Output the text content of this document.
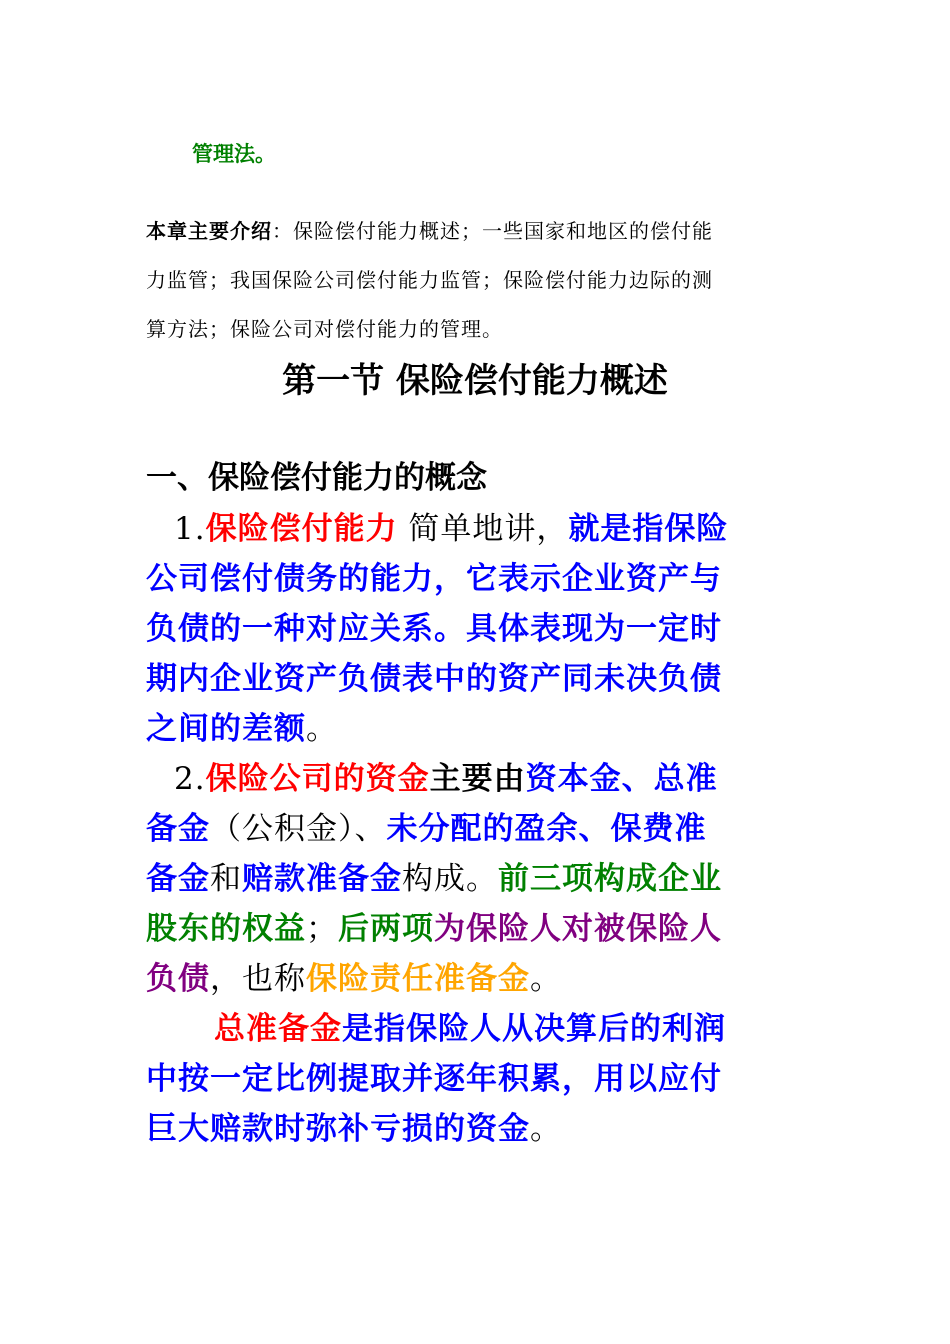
管理法。
本章主要介绍：保险偿付能力概述；一些国家和地区的偿付能
力监管；我国保险公司偿付能力监管；保险偿付能力边际的测
算方法；保险公司对偿付能力的管理。
第一节 保险偿付能力概述
一、保险偿付能力的概念
1.保险偿付能力 简单地讲，就是指保险
公司偿付债务的能力，它表示企业资产与
负债的一种对应关系。具体表现为一定时
期内企业资产负债表中的资产同未决负债
之间的差额。
2.保险公司的资金主要由资本金、总准
备金（公积金）、未分配的盈余、保费准
备金和赔款准备金构成。前三项构成企业
股东的权益；后两项为保险人对被保险人
负债，也称保险责任准备金。
总准备金是指保险人从决算后的利润
中按一定比例提取并逐年积累，用以应付
巨大赔款时弥补亏损的资金。
